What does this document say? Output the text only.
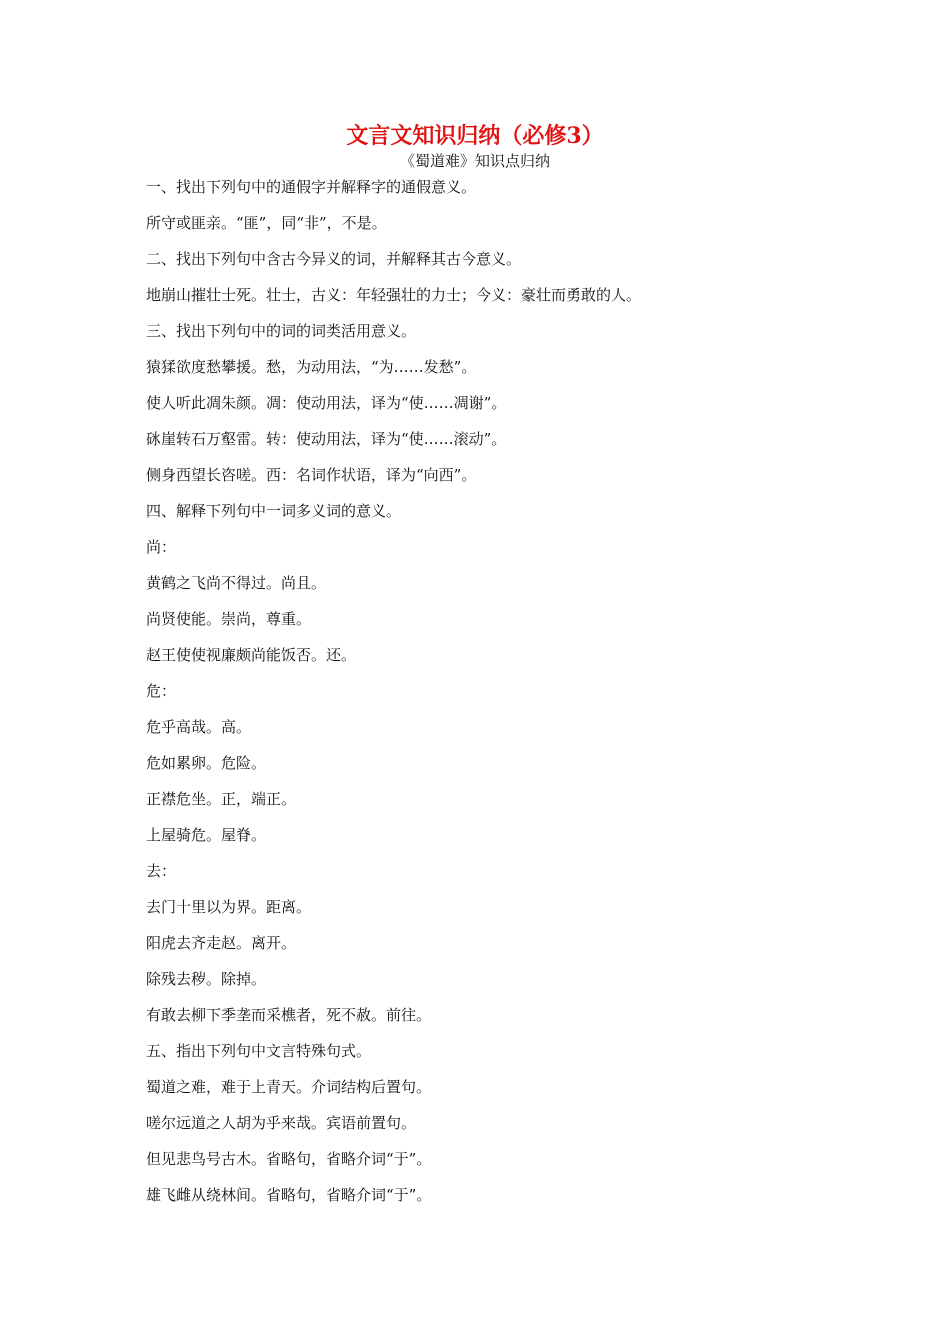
文言文知识归纳（必修3）
《蜀道难》知识点归纳
一、找出下列句中的通假字并解释字的通假意义。
所守或匪亲。“匪”，同“非”，不是。
二、找出下列句中含古今异义的词，并解释其古今意义。
地崩山摧壮士死。壮士，古义：年轻强壮的力士；今义：豪壮而勇敢的人。
三、找出下列句中的词的词类活用意义。
猿猱欲度愁攀援。愁，为动用法，“为……发愁”。
使人听此凋朱颜。凋：使动用法，译为“使……凋谢”。
砯崖转石万壑雷。转：使动用法，译为“使……滚动”。
侧身西望长咨嗟。西：名词作状语，译为“向西”。
四、解释下列句中一词多义词的意义。
尚：
黄鹤之飞尚不得过。尚且。
尚贤使能。崇尚，尊重。
赵王使使视廉颇尚能饭否。还。
危：
危乎高哉。高。
危如累卵。危险。
正襟危坐。正，端正。
上屋骑危。屋脊。
去：
去门十里以为界。距离。
阳虎去齐走赵。离开。
除残去秽。除掉。
有敢去柳下季垄而采樵者，死不赦。前往。
五、指出下列句中文言特殊句式。
蜀道之难，难于上青天。介词结构后置句。
嗟尔远道之人胡为乎来哉。宾语前置句。
但见悲鸟号古木。省略句，省略介词“于”。
雄飞雌从绕林间。省略句，省略介词“于”。
